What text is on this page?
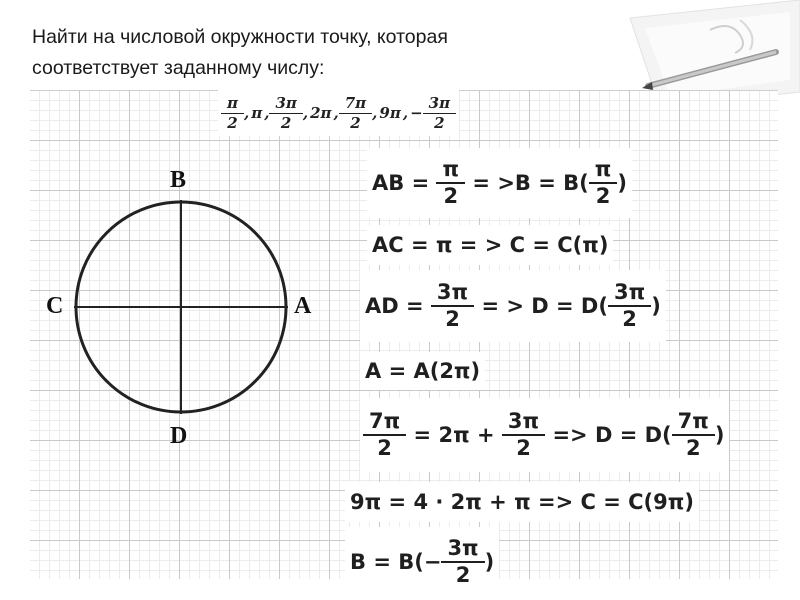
Найти на числовой окружности точку, которая
соответствует заданному числу:
$\frac{\pi}{2}$ , π , $\frac{3\pi}{2}$ , 2π , $\frac{7\pi}{2}$ , 9π , − $\frac{3\pi}{2}$
B
C	A
D
AB = $\frac{\pi}{2} = >B = B( \frac{\pi}{2}$ )
AC = π = > C = C(π)
AD = $\frac{3\pi}{2}$ = > $D = D( \frac{3\pi}{2}$ )
A = A(2π)
$\frac{7\pi}{2} = 2\pi + \frac{3\pi}{2} => D = D( \frac{7\pi}{2}$ )
9π = 4 · 2π + π => C = C(9π)
$B = B(- \frac{3\pi}{2}$ )
